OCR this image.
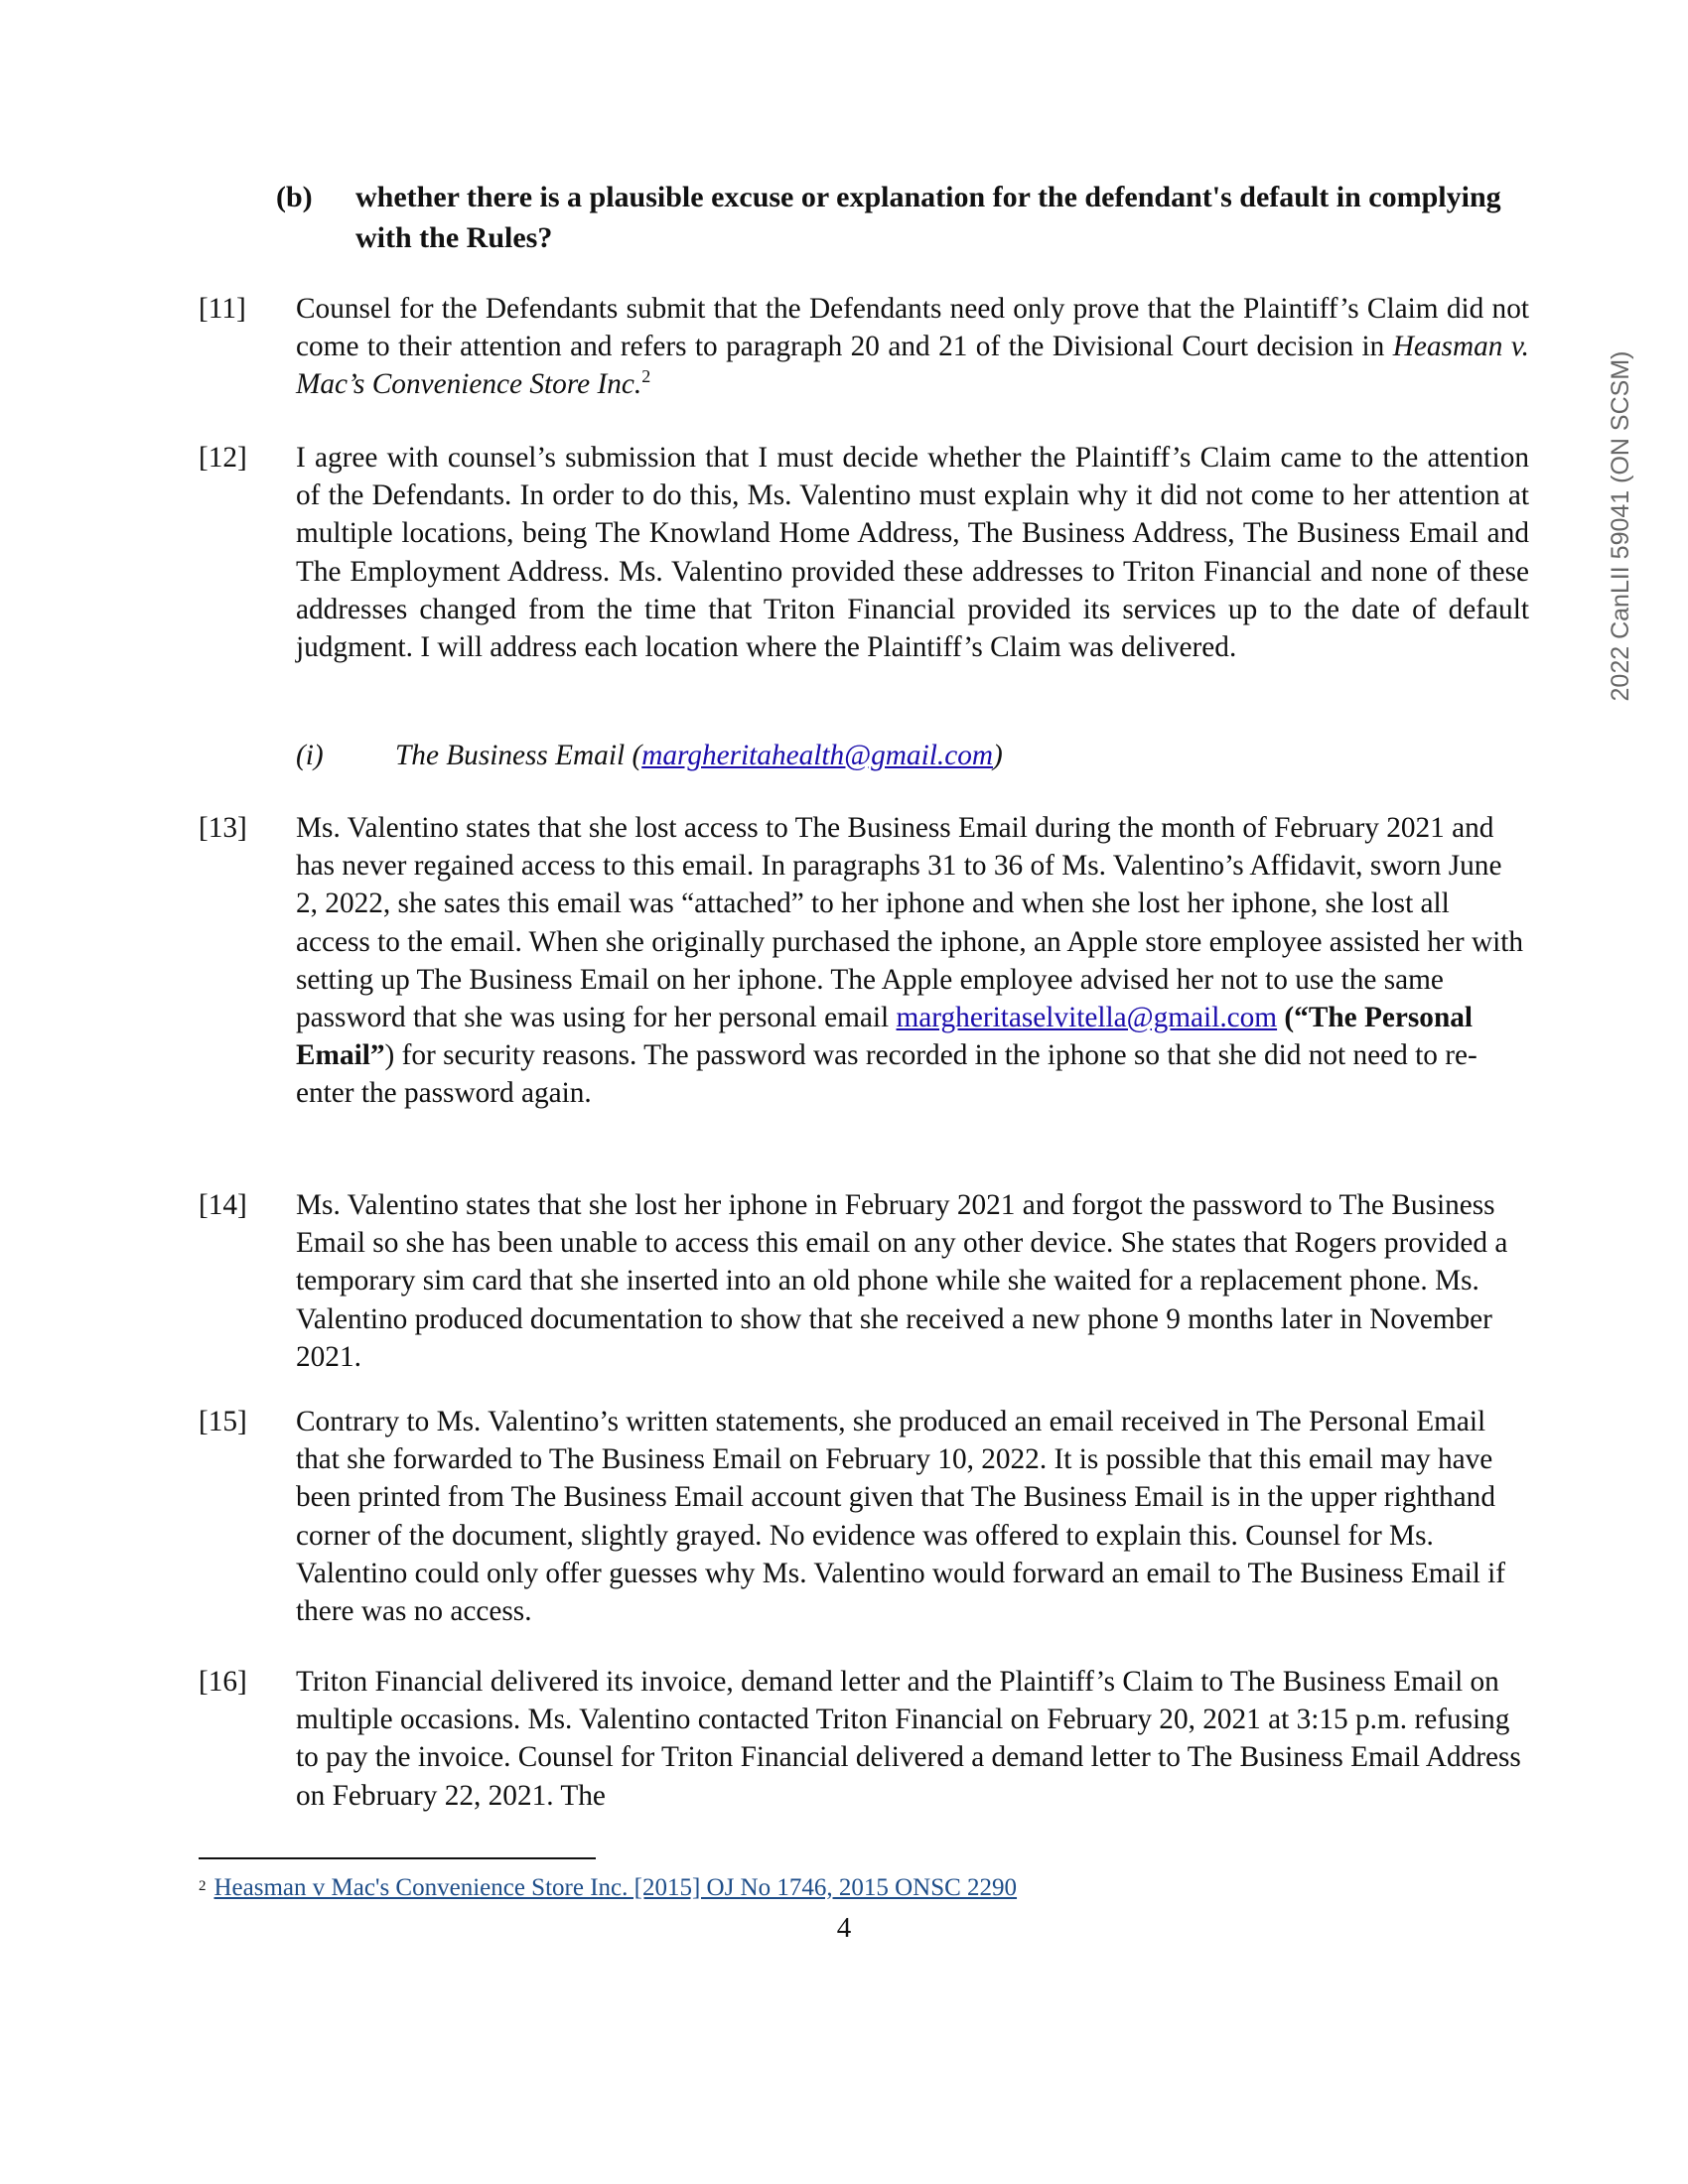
2022 CanLII 59041 (ON SCSM)
(b) whether there is a plausible excuse or explanation for the defendant's default in complying with the Rules?
[11] Counsel for the Defendants submit that the Defendants need only prove that the Plaintiff’s Claim did not come to their attention and refers to paragraph 20 and 21 of the Divisional Court decision in Heasman v. Mac’s Convenience Store Inc.$^2$
[12] I agree with counsel’s submission that I must decide whether the Plaintiff’s Claim came to the attention of the Defendants. In order to do this, Ms. Valentino must explain why it did not come to her attention at multiple locations, being The Knowland Home Address, The Business Address, The Business Email and The Employment Address. Ms. Valentino provided these addresses to Triton Financial and none of these addresses changed from the time that Triton Financial provided its services up to the date of default judgment. I will address each location where the Plaintiff’s Claim was delivered.
(i) The Business Email (margheritahealth@gmail.com)
[13] Ms. Valentino states that she lost access to The Business Email during the month of February 2021 and has never regained access to this email. In paragraphs 31 to 36 of Ms. Valentino’s Affidavit, sworn June 2, 2022, she sates this email was “attached” to her iphone and when she lost her iphone, she lost all access to the email. When she originally purchased the iphone, an Apple store employee assisted her with setting up The Business Email on her iphone. The Apple employee advised her not to use the same password that she was using for her personal email margheritaselvitella@gmail.com (“The Personal Email”) for security reasons. The password was recorded in the iphone so that she did not need to re-enter the password again.
[14] Ms. Valentino states that she lost her iphone in February 2021 and forgot the password to The Business Email so she has been unable to access this email on any other device. She states that Rogers provided a temporary sim card that she inserted into an old phone while she waited for a replacement phone. Ms. Valentino produced documentation to show that she received a new phone 9 months later in November 2021.
[15] Contrary to Ms. Valentino’s written statements, she produced an email received in The Personal Email that she forwarded to The Business Email on February 10, 2022. It is possible that this email may have been printed from The Business Email account given that The Business Email is in the upper righthand corner of the document, slightly grayed. No evidence was offered to explain this. Counsel for Ms. Valentino could only offer guesses why Ms. Valentino would forward an email to The Business Email if there was no access.
[16] Triton Financial delivered its invoice, demand letter and the Plaintiff’s Claim to The Business Email on multiple occasions. Ms. Valentino contacted Triton Financial on February 20, 2021 at 3:15 p.m. refusing to pay the invoice. Counsel for Triton Financial delivered a demand letter to The Business Email Address on February 22, 2021. The
$^2$ Heasman v Mac's Convenience Store Inc. [2015] OJ No 1746, 2015 ONSC 2290
4
